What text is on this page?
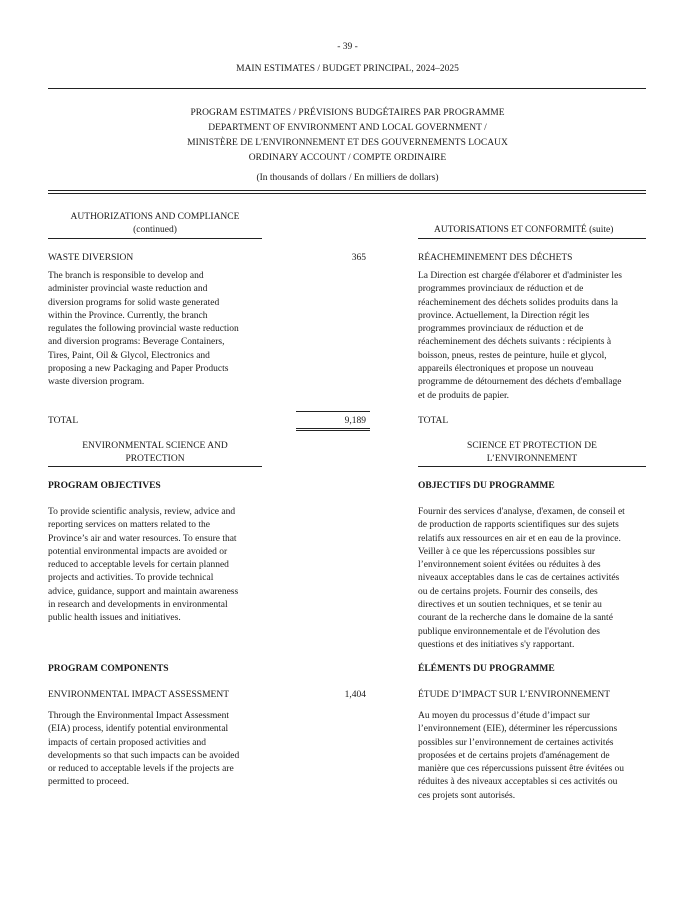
- 39 -
MAIN ESTIMATES / BUDGET PRINCIPAL, 2024–2025
PROGRAM ESTIMATES / PRÉVISIONS BUDGÉTAIRES PAR PROGRAMME
DEPARTMENT OF ENVIRONMENT AND LOCAL GOVERNMENT /
MINISTÈRE DE L'ENVIRONNEMENT ET DES GOUVERNEMENTS LOCAUX
ORDINARY ACCOUNT / COMPTE ORDINAIRE
(In thousands of dollars / En milliers de dollars)
AUTHORIZATIONS AND COMPLIANCE
(continued)	AUTORISATIONS ET CONFORMITÉ (suite)
WASTE DIVERSION	365	RÉACHEMINEMENT DES DÉCHETS
The branch is responsible to develop and
administer provincial waste reduction and
diversion programs for solid waste generated
within the Province. Currently, the branch
regulates the following provincial waste reduction
and diversion programs: Beverage Containers,
Tires, Paint, Oil & Glycol, Electronics and
proposing a new Packaging and Paper Products
waste diversion program.
La Direction est chargée d'élaborer et d'administer les
programmes provinciaux de réduction et de
réacheminement des déchets solides produits dans la
province. Actuellement, la Direction régit les
programmes provinciaux de réduction et de
réacheminement des déchets suivants : récipients à
boisson, pneus, restes de peinture, huile et glycol,
appareils électroniques et propose un nouveau
programme de détournement des déchets d'emballage
et de produits de papier.
TOTAL	9,189	TOTAL
ENVIRONMENTAL SCIENCE AND
PROTECTION
SCIENCE ET PROTECTION DE
L’ENVIRONNEMENT
PROGRAM OBJECTIVES	OBJECTIFS DU PROGRAMME
To provide scientific analysis, review, advice and
reporting services on matters related to the
Province’s air and water resources. To ensure that
potential environmental impacts are avoided or
reduced to acceptable levels for certain planned
projects and activities. To provide technical
advice, guidance, support and maintain awareness
in research and developments in environmental
public health issues and initiatives.
Fournir des services d'analyse, d'examen, de conseil et
de production de rapports scientifiques sur des sujets
relatifs aux ressources en air et en eau de la province.
Veiller à ce que les répercussions possibles sur
l’environnement soient évitées ou réduites à des
niveaux acceptables dans le cas de certaines activités
ou de certains projets. Fournir des conseils, des
directives et un soutien techniques, et se tenir au
courant de la recherche dans le domaine de la santé
publique environnementale et de l'évolution des
questions et des initiatives s'y rapportant.
PROGRAM COMPONENTS	ÉLÉMENTS DU PROGRAMME
ENVIRONMENTAL IMPACT ASSESSMENT	1,404	ÉTUDE D’IMPACT SUR L’ENVIRONNEMENT
Through the Environmental Impact Assessment
(EIA) process, identify potential environmental
impacts of certain proposed activities and
developments so that such impacts can be avoided
or reduced to acceptable levels if the projects are
permitted to proceed.
Au moyen du processus d’étude d’impact sur
l’environnement (EIE), déterminer les répercussions
possibles sur l’environnement de certaines activités
proposées et de certains projets d'aménagement de
manière que ces répercussions puissent être évitées ou
réduites à des niveaux acceptables si ces activités ou
ces projets sont autorisés.
